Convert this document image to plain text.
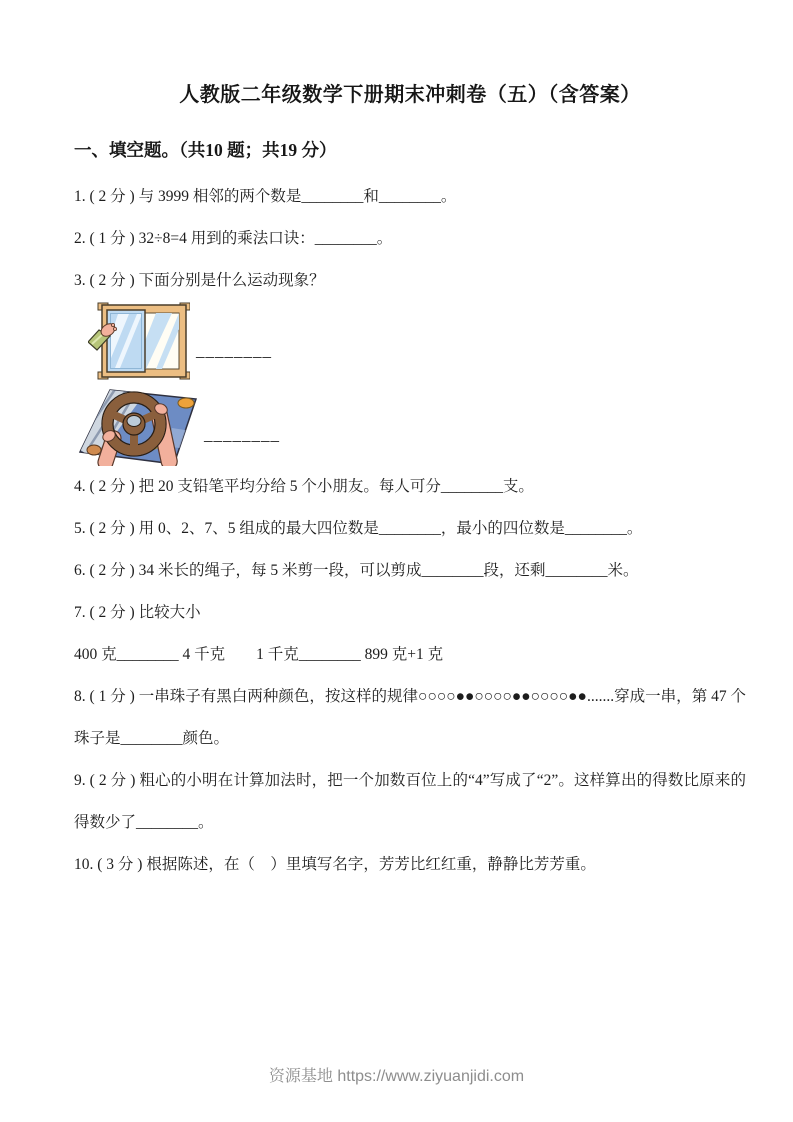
人教版二年级数学下册期末冲刺卷（五）（含答案）
一、填空题。（共10 题；共19 分）

1. ( 2 分 ) 与 3999 相邻的两个数是________和________。

2. ( 1 分 ) 32÷8=4 用到的乘法口诀：________。

3. ( 2 分 ) 下面分别是什么运动现象？

________
________

4. ( 2 分 ) 把 20 支铅笔平均分给 5 个小朋友。每人可分________支。

5. ( 2 分 ) 用 0、2、7、5 组成的最大四位数是________，最小的四位数是________。

6. ( 2 分 ) 34 米长的绳子，每 5 米剪一段，可以剪成________段，还剩________米。

7. ( 2 分 ) 比较大小

400 克________ 4 千克　　1 千克________ 899 克+1 克

8. ( 1 分 ) 一串珠子有黑白两种颜色，按这样的规律○○○○●●○○○○●●○○○○●●.......穿成一串，第 47 个珠子是________颜色。

9. ( 2 分 ) 粗心的小明在计算加法时，把一个加数百位上的“4”写成了“2”。这样算出的得数比原来的得数少了________。

10. ( 3 分 ) 根据陈述，在（　）里填写名字，芳芳比红红重，静静比芳芳重。

资源基地 https://www.ziyuanjidi.com
